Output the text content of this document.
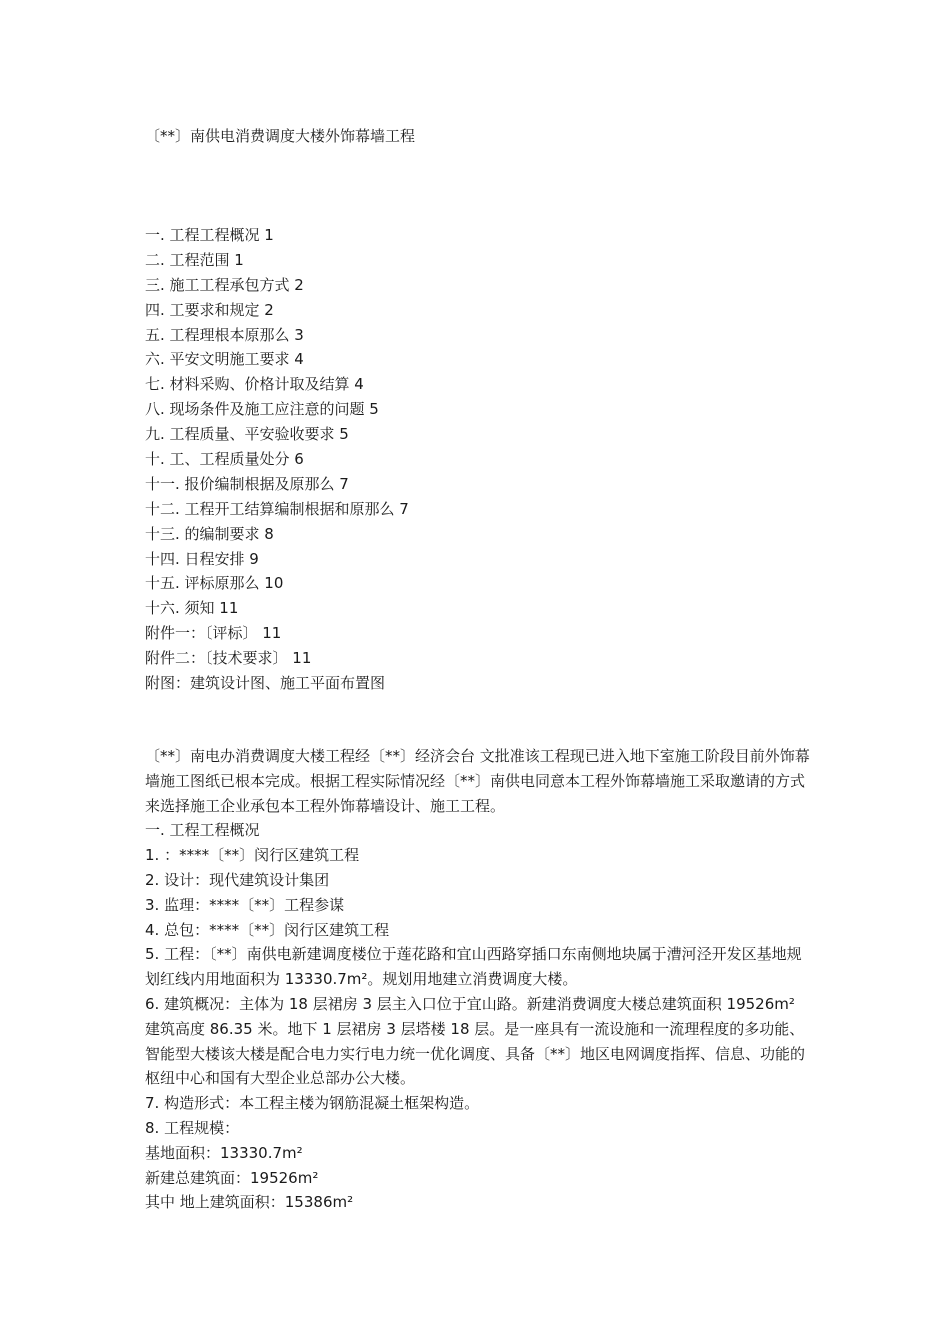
〔**〕南供电消费调度大楼外饰幕墙工程
一. 工程工程概况 1
二. 工程范围 1
三. 施工工程承包方式 2
四. 工要求和规定 2
五. 工程理根本原那么 3
六. 平安文明施工要求 4
七. 材料采购、价格计取及结算 4
八. 现场条件及施工应注意的问题 5
九. 工程质量、平安验收要求 5
十. 工、工程质量处分 6
十一. 报价编制根据及原那么 7
十二. 工程开工结算编制根据和原那么 7
十三. 的编制要求 8
十四. 日程安排 9
十五. 评标原那么 10
十六. 须知 11
附件一：〔评标〕 11
附件二：〔技术要求〕 11
附图：建筑设计图、施工平面布置图

〔**〕南电办消费调度大楼工程经〔**〕经济会台 文批准该工程现已进入地下室施工阶段目前外饰幕墙施工图纸已根本完成。根据工程实际情况经〔**〕南供电同意本工程外饰幕墙施工采取邀请的方式来选择施工企业承包本工程外饰幕墙设计、施工工程。

一. 工程工程概况

1. ：****〔**〕闵行区建筑工程

2. 设计：现代建筑设计集团

3. 监理：****〔**〕工程参谋

4. 总包：****〔**〕闵行区建筑工程

5. 工程：〔**〕南供电新建调度楼位于莲花路和宜山西路穿插口东南侧地块属于漕河泾开发区基地规划红线内用地面积为 13330.7m²。规划用地建立消费调度大楼。

6. 建筑概况：主体为 18 层裙房 3 层主入口位于宜山路。新建消费调度大楼总建筑面积 19526m² 建筑高度 86.35 米。地下 1 层裙房 3 层塔楼 18 层。是一座具有一流设施和一流理程度的多功能、智能型大楼该大楼是配合电力实行电力统一优化调度、具备〔**〕地区电网调度指挥、信息、功能的枢纽中心和国有大型企业总部办公大楼。

7. 构造形式：本工程主楼为钢筋混凝土框架构造。

8. 工程规模：

基地面积：13330.7m²

新建总建筑面：19526m²

其中 地上建筑面积：15386m²
